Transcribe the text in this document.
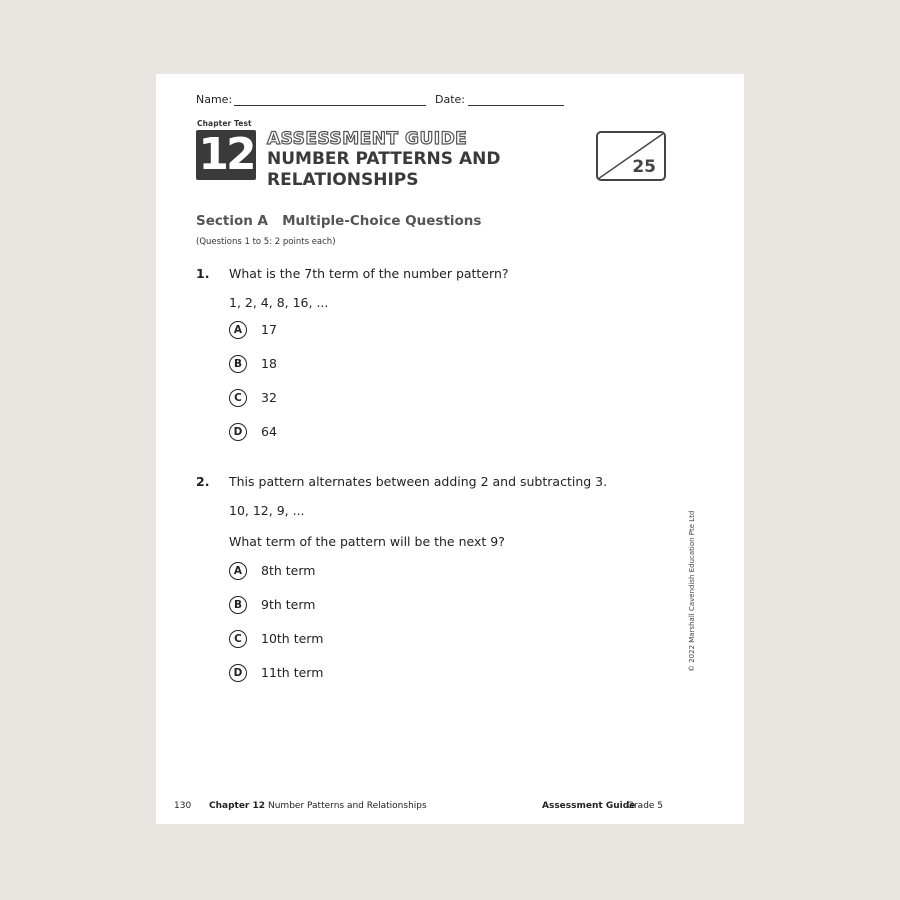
Name:	Date:
Chapter Test
12 ASSESSMENT GUIDE
NUMBER PATTERNS AND
RELATIONSHIPS
25
Section A   Multiple-Choice Questions
(Questions 1 to 5: 2 points each)
1. What is the 7th term of the number pattern?
1, 2, 4, 8, 16, ...
A	17
B	18
C	32
D	64
2. This pattern alternates between adding 2 and subtracting 3.
10, 12, 9, ...
What term of the pattern will be the next 9?
A	8th term
B	9th term
C	10th term
D	11th term
© 2022 Marshall Cavendish Education Pte Ltd
130 Chapter 12 Number Patterns and Relationships	Assessment Guide
Grade 5
